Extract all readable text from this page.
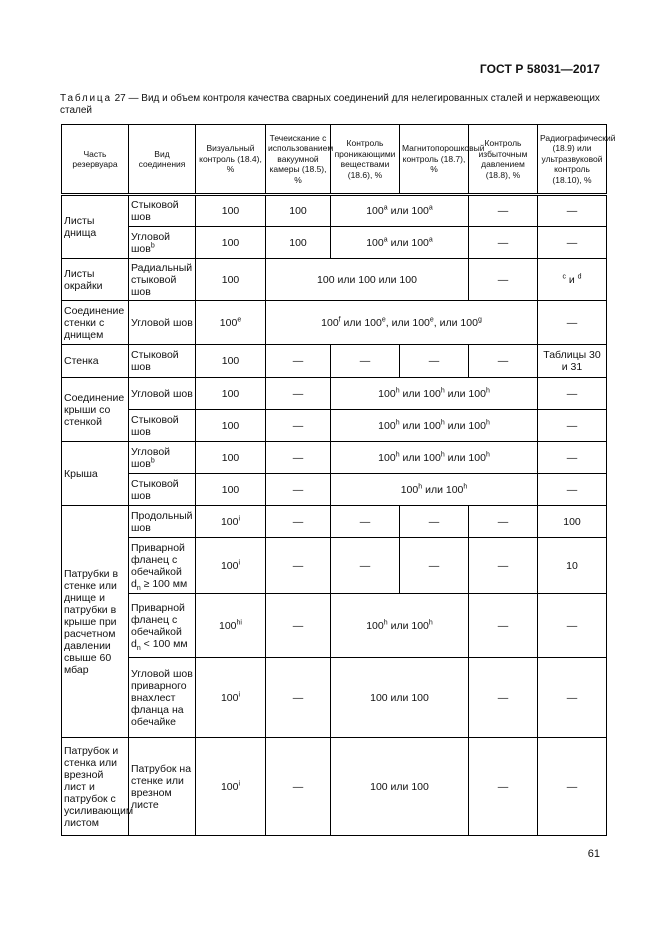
ГОСТ Р 58031—2017
Таблица 27 — Вид и объем контроля качества сварных соединений для нелегированных сталей и нержавеющих сталей
Часть резервуара	Вид соединения	Визуальный контроль (18.4), %	Течеискание с использованием вакуумной камеры (18.5), %	Контроль проникающими веществами (18.6), %	Магнитопорошковый контроль (18.7), %	Контроль избыточным давлением (18.8), %	Радиографический (18.9) или ультразвуковой контроль (18.10), %
Листы днища	Стыковой шов	100	100	100$^a$ или 100$^a$		—	—
	Угловой шов$^b$	100	100	100$^a$ или 100$^a$		—	—
Листы окрайки	Радиальный стыковой шов	100	100 или 100 или 100			—	$^c$ и $^d$
Соединение стенки с днищем	Угловой шов	100e	100$^f$ или 100e, или 100e, или 100$^g$				—
Стенка	Стыковой шов	100	—	—	—	—	Таблицы 30 и 31
Соединение крыши со стенкой	Угловой шов	100	—	100$^h$ или 100$^h$ или 100$^h$			—
	Стыковой шов	100	—	100$^h$ или 100$^h$ или 100$^h$			—
Крыша	Угловой шов$^b$	100	—	100$^h$ или 100$^h$ или 100$^h$			—
	Стыковой шов	100	—	100$^h$ или 100$^h$			—
Патрубки в стенке или днище и патрубки в крыше при расчетном давлении свыше 60 мбар	Продольный шов	100$^i$	—	—	—	—	100
	Приварной фланец с обечайкой $d_n \ge 100$ мм	100$^i$	—	—	—	—	10
	Приварной фланец с обечайкой $d_n < 100$ мм	$100^{hi}$	—	100$^h$ или 100$^h$		—	—
	Угловой шов приварного внахлест фланца на обечайке	100$^i$	—	100 или 100		—	—
Патрубок и стенка или врезной лист и патрубок с усиливающим листом	Патрубок на стенке или врезном листе	100$^i$	—	100 или 100		—	—
61
